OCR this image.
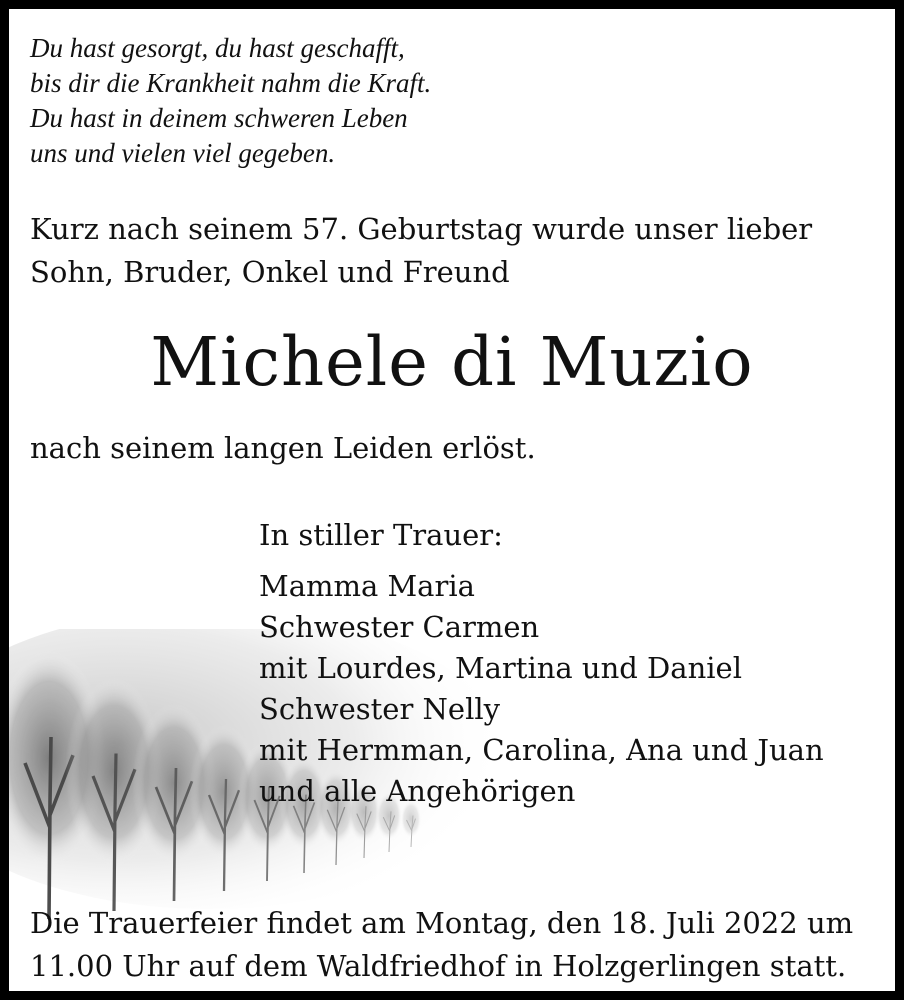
Du hast gesorgt, du hast geschafft,
bis dir die Krankheit nahm die Kraft.
Du hast in deinem schweren Leben
uns und vielen viel gegeben.
Kurz nach seinem 57. Geburtstag wurde unser lieber
Sohn, Bruder, Onkel und Freund
Michele di Muzio
nach seinem langen Leiden erlöst.
In stiller Trauer:
Mamma Maria
Schwester Carmen
mit Lourdes, Martina und Daniel
Schwester Nelly
mit Hermman, Carolina, Ana und Juan
und alle Angehörigen
Die Trauerfeier findet am Montag, den 18. Juli 2022 um
11.00 Uhr auf dem Waldfriedhof in Holzgerlingen statt.
